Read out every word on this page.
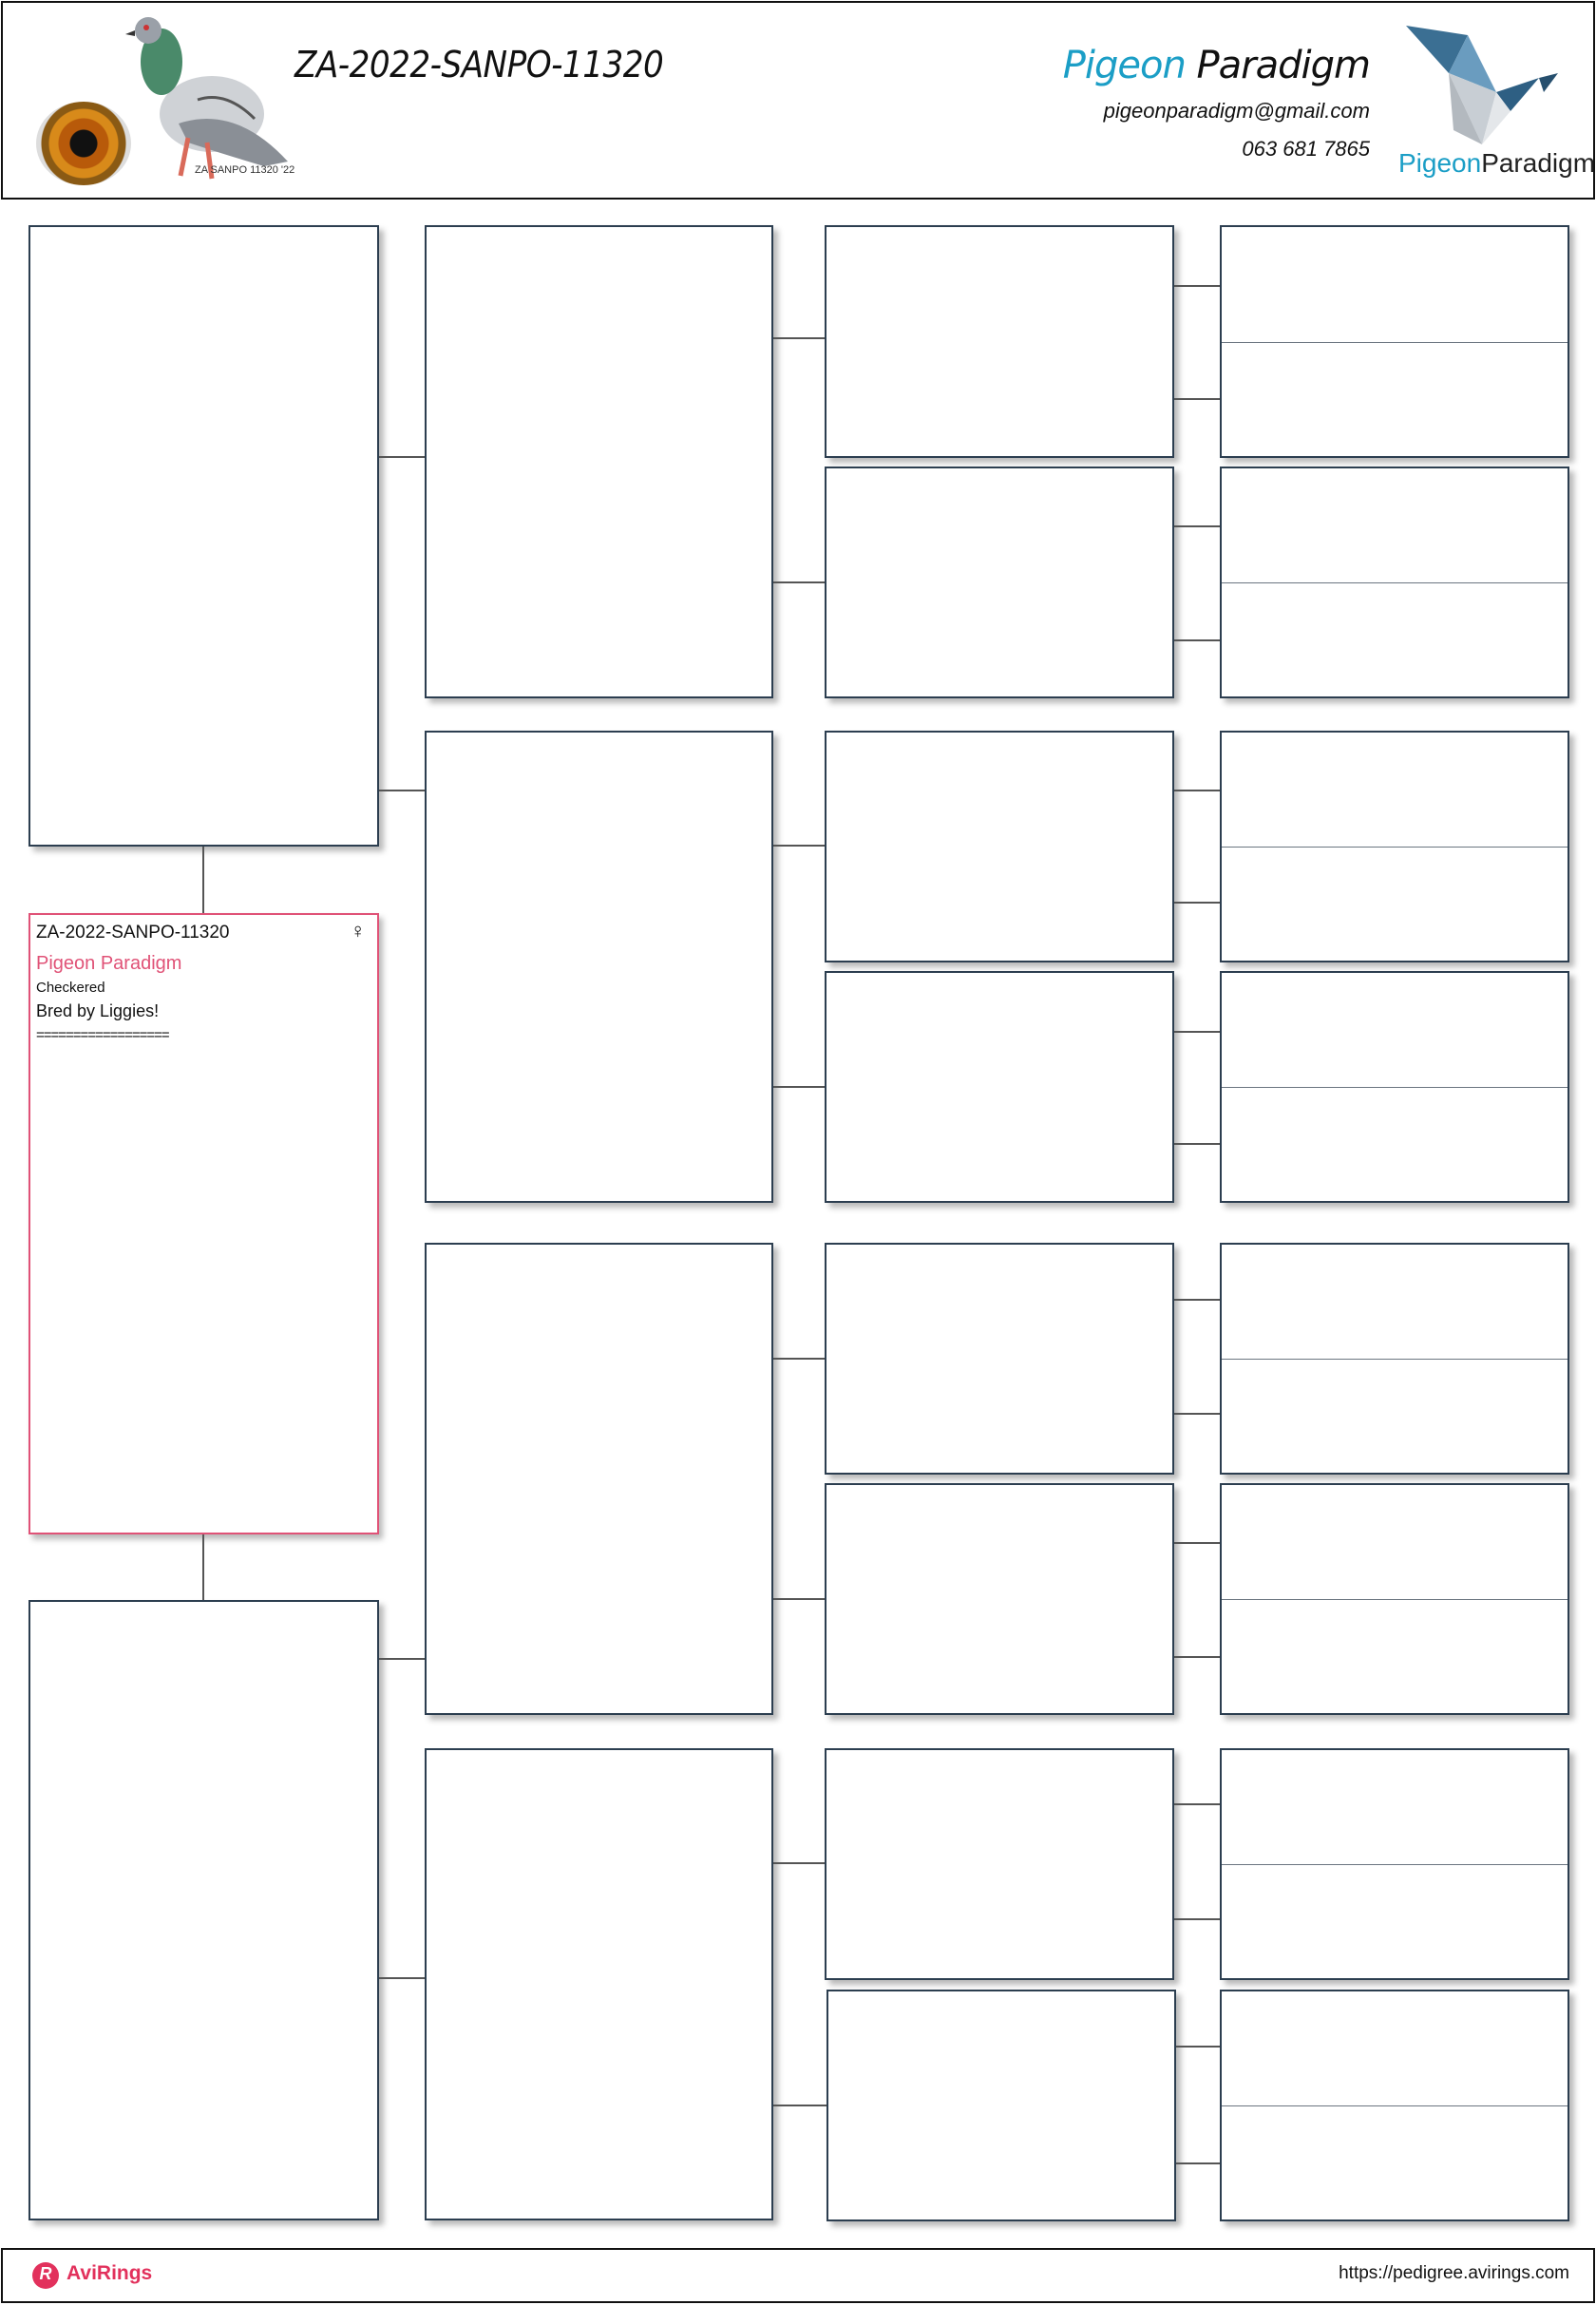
ZA SANPO 11320 '22
ZA-2022-SANPO-11320	Pigeon Paradigm
pigeonparadigm@gmail.com
063 681 7865 PigeonParadigm
ZA-2022-SANPO-11320	♀
Pigeon Paradigm
Checkered
Bred by Liggies!
==================
R
AviRings	https://pedigree.avirings.com
